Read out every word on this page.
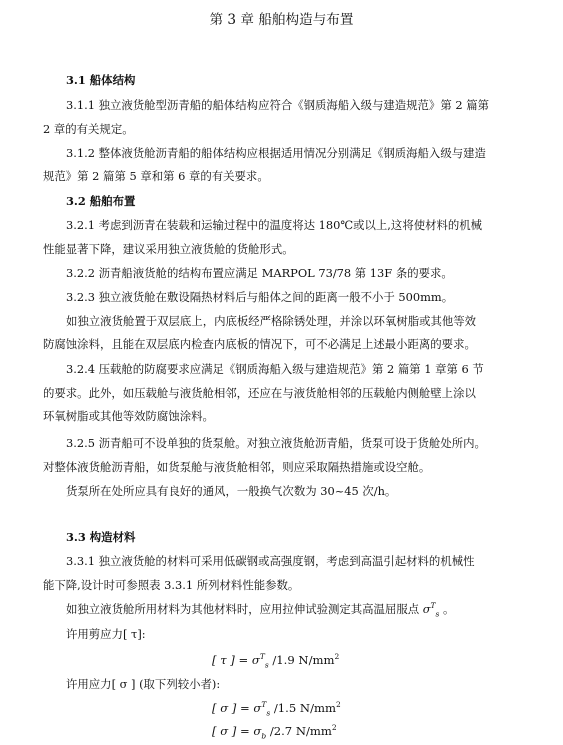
第 3 章 船舶构造与布置
3.1 船体结构
3.1.1 独立液货舱型沥青船的船体结构应符合《钢质海船入级与建造规范》第 2 篇第
2 章的有关规定。
3.1.2 整体液货舱沥青船的船体结构应根据适用情况分别满足《钢质海船入级与建造
规范》第 2 篇第 5 章和第 6 章的有关要求。
3.2 船舶布置
3.2.1 考虑到沥青在装载和运输过程中的温度将达 180℃或以上,这将使材料的机械
性能显著下降，建议采用独立液货舱的货舱形式。
3.2.2 沥青船液货舱的结构布置应满足 MARPOL 73/78 第 13F 条的要求。
3.2.3 独立液货舱在敷设隔热材料后与船体之间的距离一般不小于 500mm。
如独立液货舱置于双层底上，内底板经严格除锈处理，并涂以环氧树脂或其他等效
防腐蚀涂料，且能在双层底内检查内底板的情况下，可不必满足上述最小距离的要求。
3.2.4 压载舱的防腐要求应满足《钢质海船入级与建造规范》第 2 篇第 1 章第 6 节
的要求。此外，如压载舱与液货舱相邻，还应在与液货舱相邻的压载舱内侧舱壁上涂以
环氧树脂或其他等效防腐蚀涂料。
3.2.5 沥青船可不设单独的货泵舱。对独立液货舱沥青船，货泵可设于货舱处所内。
对整体液货舱沥青船，如货泵舱与液货舱相邻，则应采取隔热措施或设空舱。
货泵所在处所应具有良好的通风，一般换气次数为 30~45 次/h。
3.3 构造材料
3.3.1 独立液货舱的材料可采用低碳钢或高强度钢，考虑到高温引起材料的机械性
能下降,设计时可参照表 3.3.1 所列材料性能参数。
如独立液货舱所用材料为其他材料时，应用拉伸试验测定其高温屈服点 $\sigma^T_s$ 。
许用剪应力[ τ]:
[ τ ] = $\sigma^T_s$ /1.9 $N/mm^2$
许用应力[ σ ] (取下列较小者):
[ σ ] = $\sigma^T_s$ /1.5 $N/mm^2$
[ σ ] = $\sigma_b$ /2.7 $N/mm^2$
